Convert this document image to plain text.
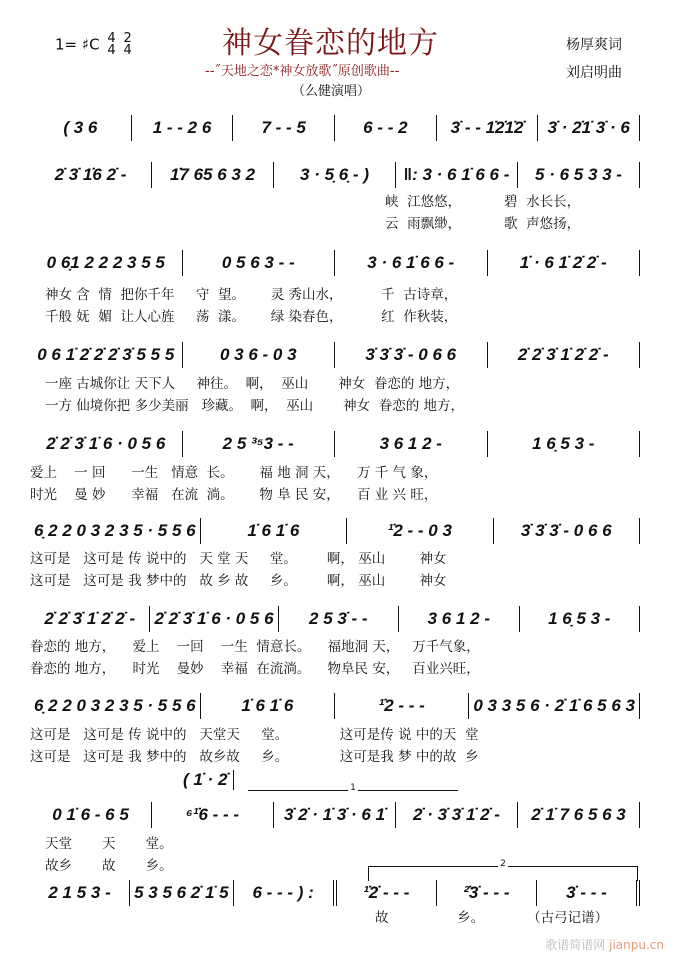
神女眷恋的地方
--˝天地之恋*神女放歌˝原创歌曲--
（么健演唱）
1= ♯C 4
4 2
4	杨厚爽词
刘启明曲
( 3 6	1 - - 2 6	7 - - 5	6 - - 2	3̇ - - 1̇2̇1̇2̇	3̇ · 2̇1̇ 3̇ · 6
2̇ 3̇ 1̇6 2̇ -	1̇7 65 6 3 2	3 · 5̣ 6̣ - )	‖: 3 · 6 1̇ 6 6 -	5 · 6 5 3 3 -
峡  江悠悠，          碧  水长长，
云  雨飘缈，          歌  声悠扬，
0 6̣1 2 2 2 3 5 5	0 5 6 3 - -	3 · 6 1̇ 6 6 -	1̇ · 6 1̇ 2̇ 2̇ -
神女 含  情  把你千年     守  望。      灵 秀山水，         千  古诗章，
千般 妩  媚  让人心旌     荡  漾。      绿 染春色，         红  作秋装，
0 6 1̇ 2̇ 2̇ 2̇ 3̇ 5 5 5	0 3 6 - 0 3	3̇ 3̇ 3̇ - 0 6 6	2̇ 2̇ 3̇ 1̇ 2̇ 2̇ -
一座 古城你让 天下人     神往。  啊，  巫山       神女  眷恋的 地方，
一方 仙境你把 多少美丽   珍藏。  啊，  巫山       神女  眷恋的 地方，
2̇ 2̇ 3̇ 1̇ 6 · 0 5 6	2 5 ³⁵3 - -	3 6 1 2 -	1 6̣ 5 3 -
爱上    一 回      一生   情意  长。      福 地 洞 天，    万 千 气 象，
时光    曼 妙      幸福   在流  淌。      物 阜 民 安，    百 业 兴 旺，
6̣ 2 2 0 3 2 3 5 · 5 5 6	1̇ 6 1̇ 6	¹̇2 - - 0 3	3̇ 3̇ 3̇ - 0 6 6
这可是   这可是 传 说中的   天 堂 天     堂。       啊， 巫山        神女
这可是   这可是 我 梦中的   故 乡 故     乡。       啊， 巫山        神女
2̇ 2̇ 3̇ 1̇ 2̇ 2̇ -	2̇ 2̇ 3̇ 1̇ 6 · 0 5 6	2 5 3̇ - -	3 6 1 2 -	1 6̣ 5 3 -
眷恋的 地方，    爱上    一回    一生  情意长。    福地洞 天，   万千气象，
眷恋的 地方，    时光    曼妙    幸福  在流淌。    物阜民 安，   百业兴旺，
6̣ 2 2 0 3 2 3 5 · 5 5 6	1̇ 6 1̇ 6	¹̇2 - - -	0 3 3 5 6 · 2̇ 1̇ 6 5 6 3
这可是   这可是 传 说中的   天堂天     堂。            这可是传 说 中的天  堂
这可是   这可是 我 梦中的   故乡故     乡。            这可是我 梦 中的故  乡
0 1̇ 6 - 6 5	⁶¹̇6 - - -	3̇ 2̇ · 1̇ 3̇ · 6 1̇	2̇ · 3̇ 3̇ 1̇ 2̇ -	2̇ 1̇ 7 6 5 6 3
天堂       天       堂。
故乡       故       乡。
2 1 5 3 -	5 3 5 6 2̇ 1̇ 5	6 - - - ) :	¹̇2̇ - - -	²̇3̇ - - -	3̇ - - -
故                乡。          （古弓记谱）
( 1̇ · 2̇	1
2
歌谱简谱网 jianpu.cn
